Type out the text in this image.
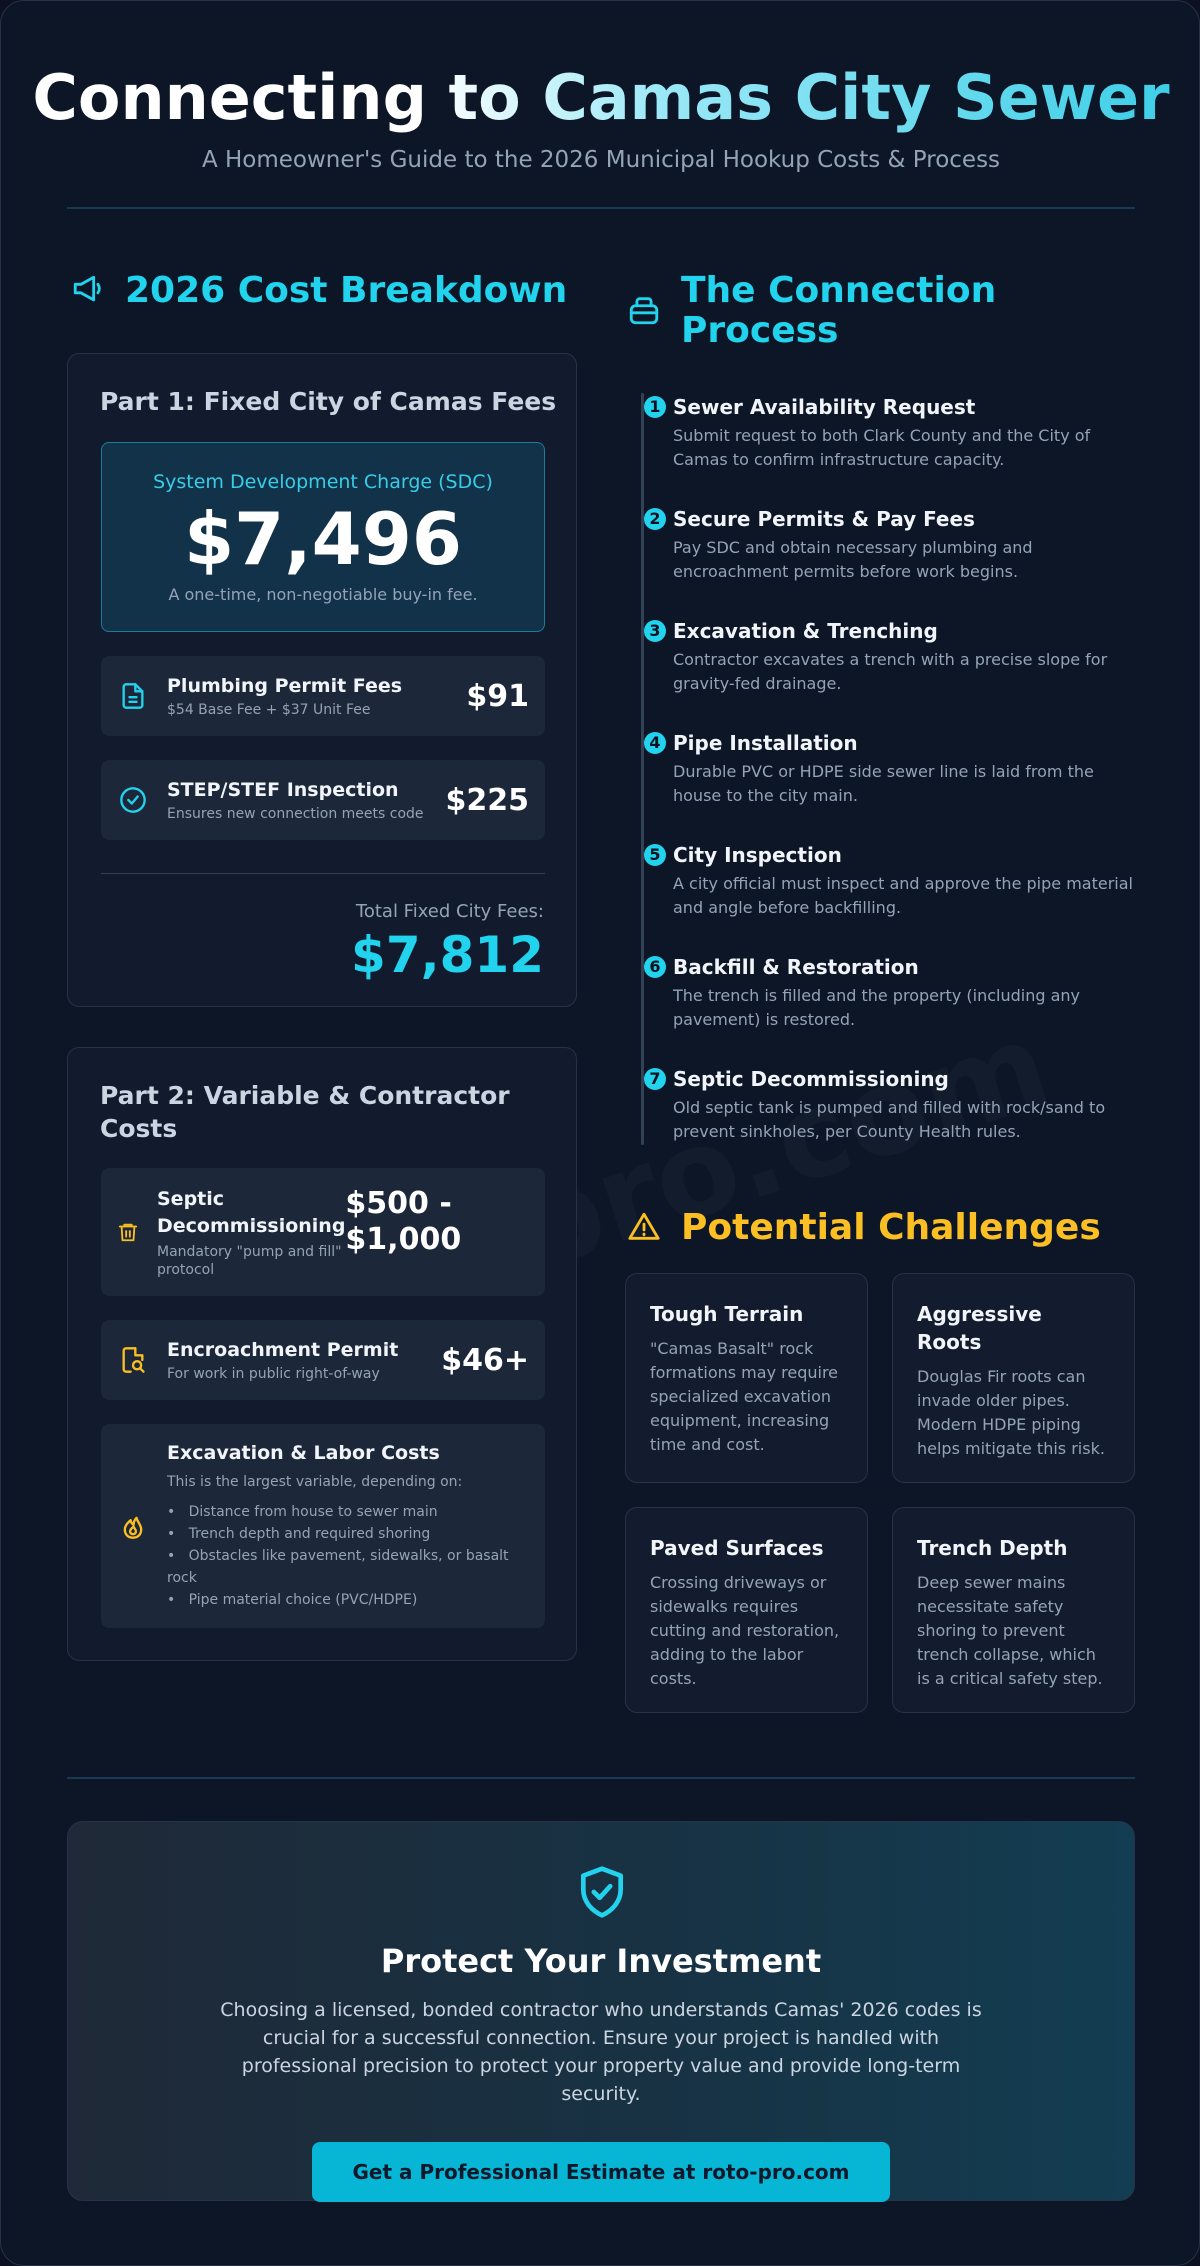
Connecting to Camas City Sewer
A Homeowner's Guide to the 2026 Municipal Hookup Costs & Process
2026 Cost Breakdown
Part 1: Fixed City of Camas Fees
System Development Charge (SDC)
$7,496
A one-time, non-negotiable buy-in fee.
Plumbing Permit Fees
$54 Base Fee + $37 Unit Fee	$91
STEP/STEF Inspection
Ensures new connection meets code $225
Total Fixed City Fees:
$7,812
Part 2: Variable & Contractor Costs
Septic Decommissioning
Mandatory "pump and fill" protocol
$500 - $1,000
Encroachment Permit
For work in public right-of-way	$46+
Excavation & Labor Costs
This is the largest variable, depending on:
•   Distance from house to sewer main
•   Trench depth and required shoring
•   Obstacles like pavement, sidewalks, or basalt rock
•   Pipe material choice (PVC/HDPE)
The Connection Process
1 Sewer Availability Request
Submit request to both Clark County and the City of Camas to confirm infrastructure capacity.
2 Secure Permits & Pay Fees
Pay SDC and obtain necessary plumbing and encroachment permits before work begins.
3 Excavation & Trenching
Contractor excavates a trench with a precise slope for gravity-fed drainage.
4 Pipe Installation
Durable PVC or HDPE side sewer line is laid from the house to the city main.
5 City Inspection
A city official must inspect and approve the pipe material and angle before backfilling.
6 Backfill & Restoration
The trench is filled and the property (including any pavement) is restored.
7 Septic Decommissioning
Old septic tank is pumped and filled with rock/sand to prevent sinkholes, per County Health rules.
Potential Challenges
Tough Terrain
"Camas Basalt" rock formations may require specialized excavation equipment, increasing time and cost.
Aggressive Roots
Douglas Fir roots can invade older pipes. Modern HDPE piping helps mitigate this risk.
Paved Surfaces
Crossing driveways or sidewalks requires cutting and restoration, adding to the labor costs.
Trench Depth
Deep sewer mains necessitate safety shoring to prevent trench collapse, which is a critical safety step.
Protect Your Investment
Choosing a licensed, bonded contractor who understands Camas' 2026 codes is crucial for a successful connection. Ensure your project is handled with professional precision to protect your property value and provide long-term security.
Get a Professional Estimate at roto-pro.com
